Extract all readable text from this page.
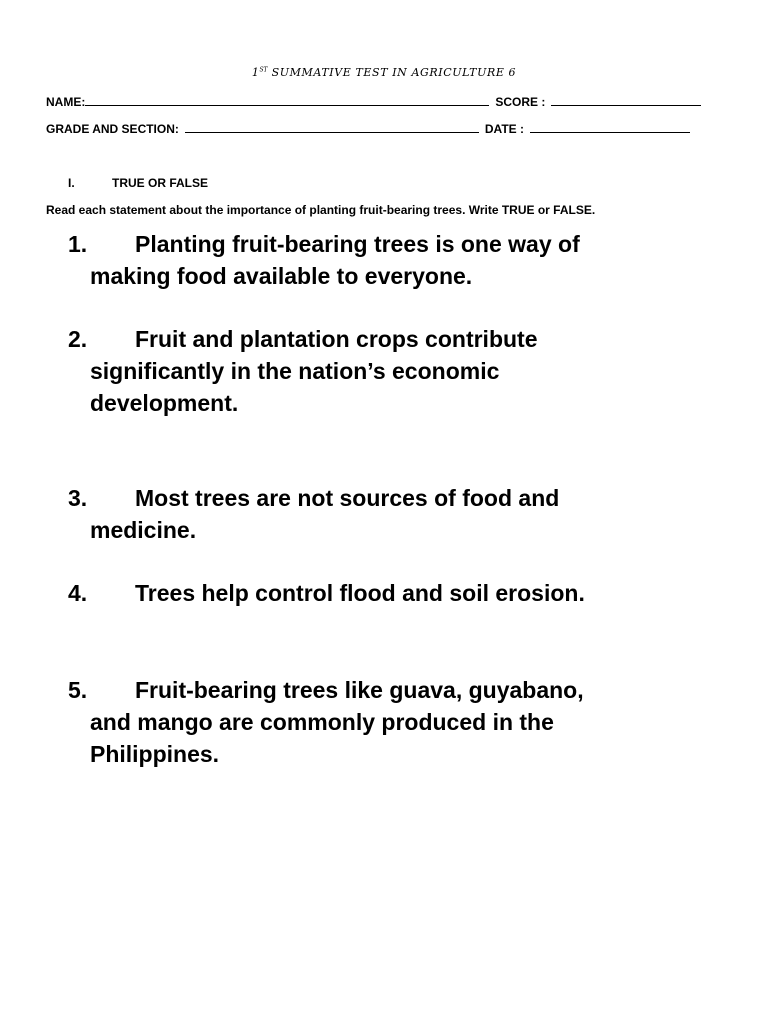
1ST SUMMATIVE TEST IN AGRICULTURE 6
NAME:	SCORE :
GRADE AND SECTION:	DATE :
I.	TRUE OR FALSE
Read each statement about the importance of planting fruit-bearing trees. Write TRUE or FALSE.
1. Planting fruit-bearing trees is one way of
making food available to everyone.
2. Fruit and plantation crops contribute
significantly in the nation’s economic
development.
3. Most trees are not sources of food and
medicine.
4. Trees help control flood and soil erosion.
5. Fruit-bearing trees like guava, guyabano,
and mango are commonly produced in the
Philippines.
